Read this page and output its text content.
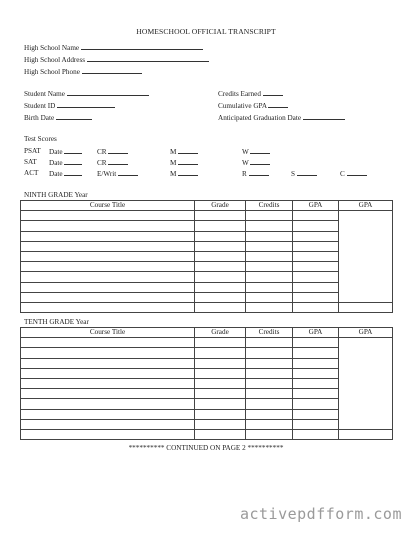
HOMESCHOOL OFFICIAL TRANSCRIPT
High School Name
High School Address
High School Phone
Student Name
Student ID
Birth Date
Credits Earned
Cumulative GPA
Anticipated Graduation Date
Test Scores
PSAT Date	CR	M	W
SAT Date	CR	M	W
ACT Date	E/Writ	M	R	S	C
NINTH GRADE Year
Course Title	Grade	Credits	GPA	GPA

TENTH GRADE Year
Course Title	Grade	Credits	GPA	GPA

********** CONTINUED ON PAGE 2 **********
activepdfform.com
